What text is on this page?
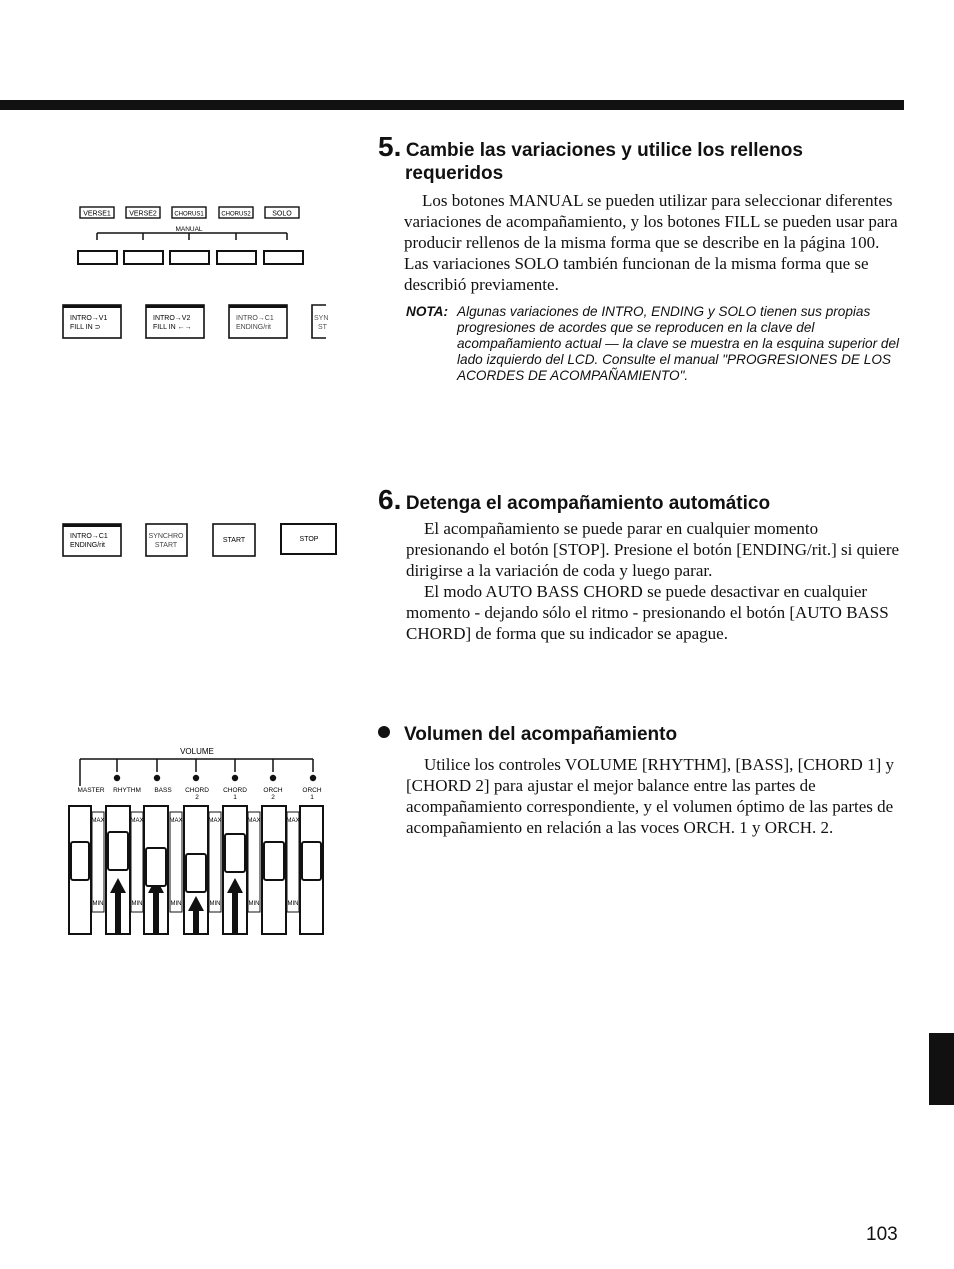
5. Cambie las variaciones y utilice los rellenos
requeridos

Los botones MANUAL se pueden utilizar para seleccionar diferentes variaciones de acompañamiento, y los botones FILL se pueden usar para producir rellenos de la misma forma que se describe en la página 100. Las variaciones SOLO también funcionan de la misma forma que se describió previamente.

NOTA: Algunas variaciones de INTRO, ENDING y SOLO tienen sus propias progresiones de acordes que se reproducen en la clave del acompañamiento actual — la clave se muestra en la esquina superior del lado izquierdo del LCD. Consulte el manual "PROGRESIONES DE LOS ACORDES DE ACOMPAÑAMIENTO".
6. Detenga el acompañamiento automático

El acompañamiento se puede parar en cualquier momento presionando el botón [STOP]. Presione el botón [ENDING/rit.] si quiere dirigirse a la variación de coda y luego parar.

El modo AUTO BASS CHORD se puede desactivar en cualquier momento - dejando sólo el ritmo - presionando el botón [AUTO BASS CHORD] de forma que su indicador se apague.

Volumen del acompañamiento

Utilice los controles VOLUME [RHYTHM], [BASS], [CHORD 1] y [CHORD 2] para ajustar el mejor balance entre las partes de acompañamiento correspondiente, y el volumen óptimo de las partes de acompañamiento en relación a las voces ORCH. 1 y ORCH. 2.

103
VERSE1	VERSE2	CHORUS1	CHORUS2	SOLO
MANUAL
INTRO→V1
FILL IN ⊃
INTRO→V2
FILL IN ←→
INTRO→C1
ENDING/rit
SYN
ST
INTRO→C1
ENDING/rit
SYNCHRO
START
START	STOP
VOLUME
MASTER RHYTHM BASS CHORD
2
CHORD
1
ORCH
2
ORCH
1
MAX
MIN
MAX
MIN
MAX
MIN
MAX
MIN
MAX
MIN
MAX
MIN
